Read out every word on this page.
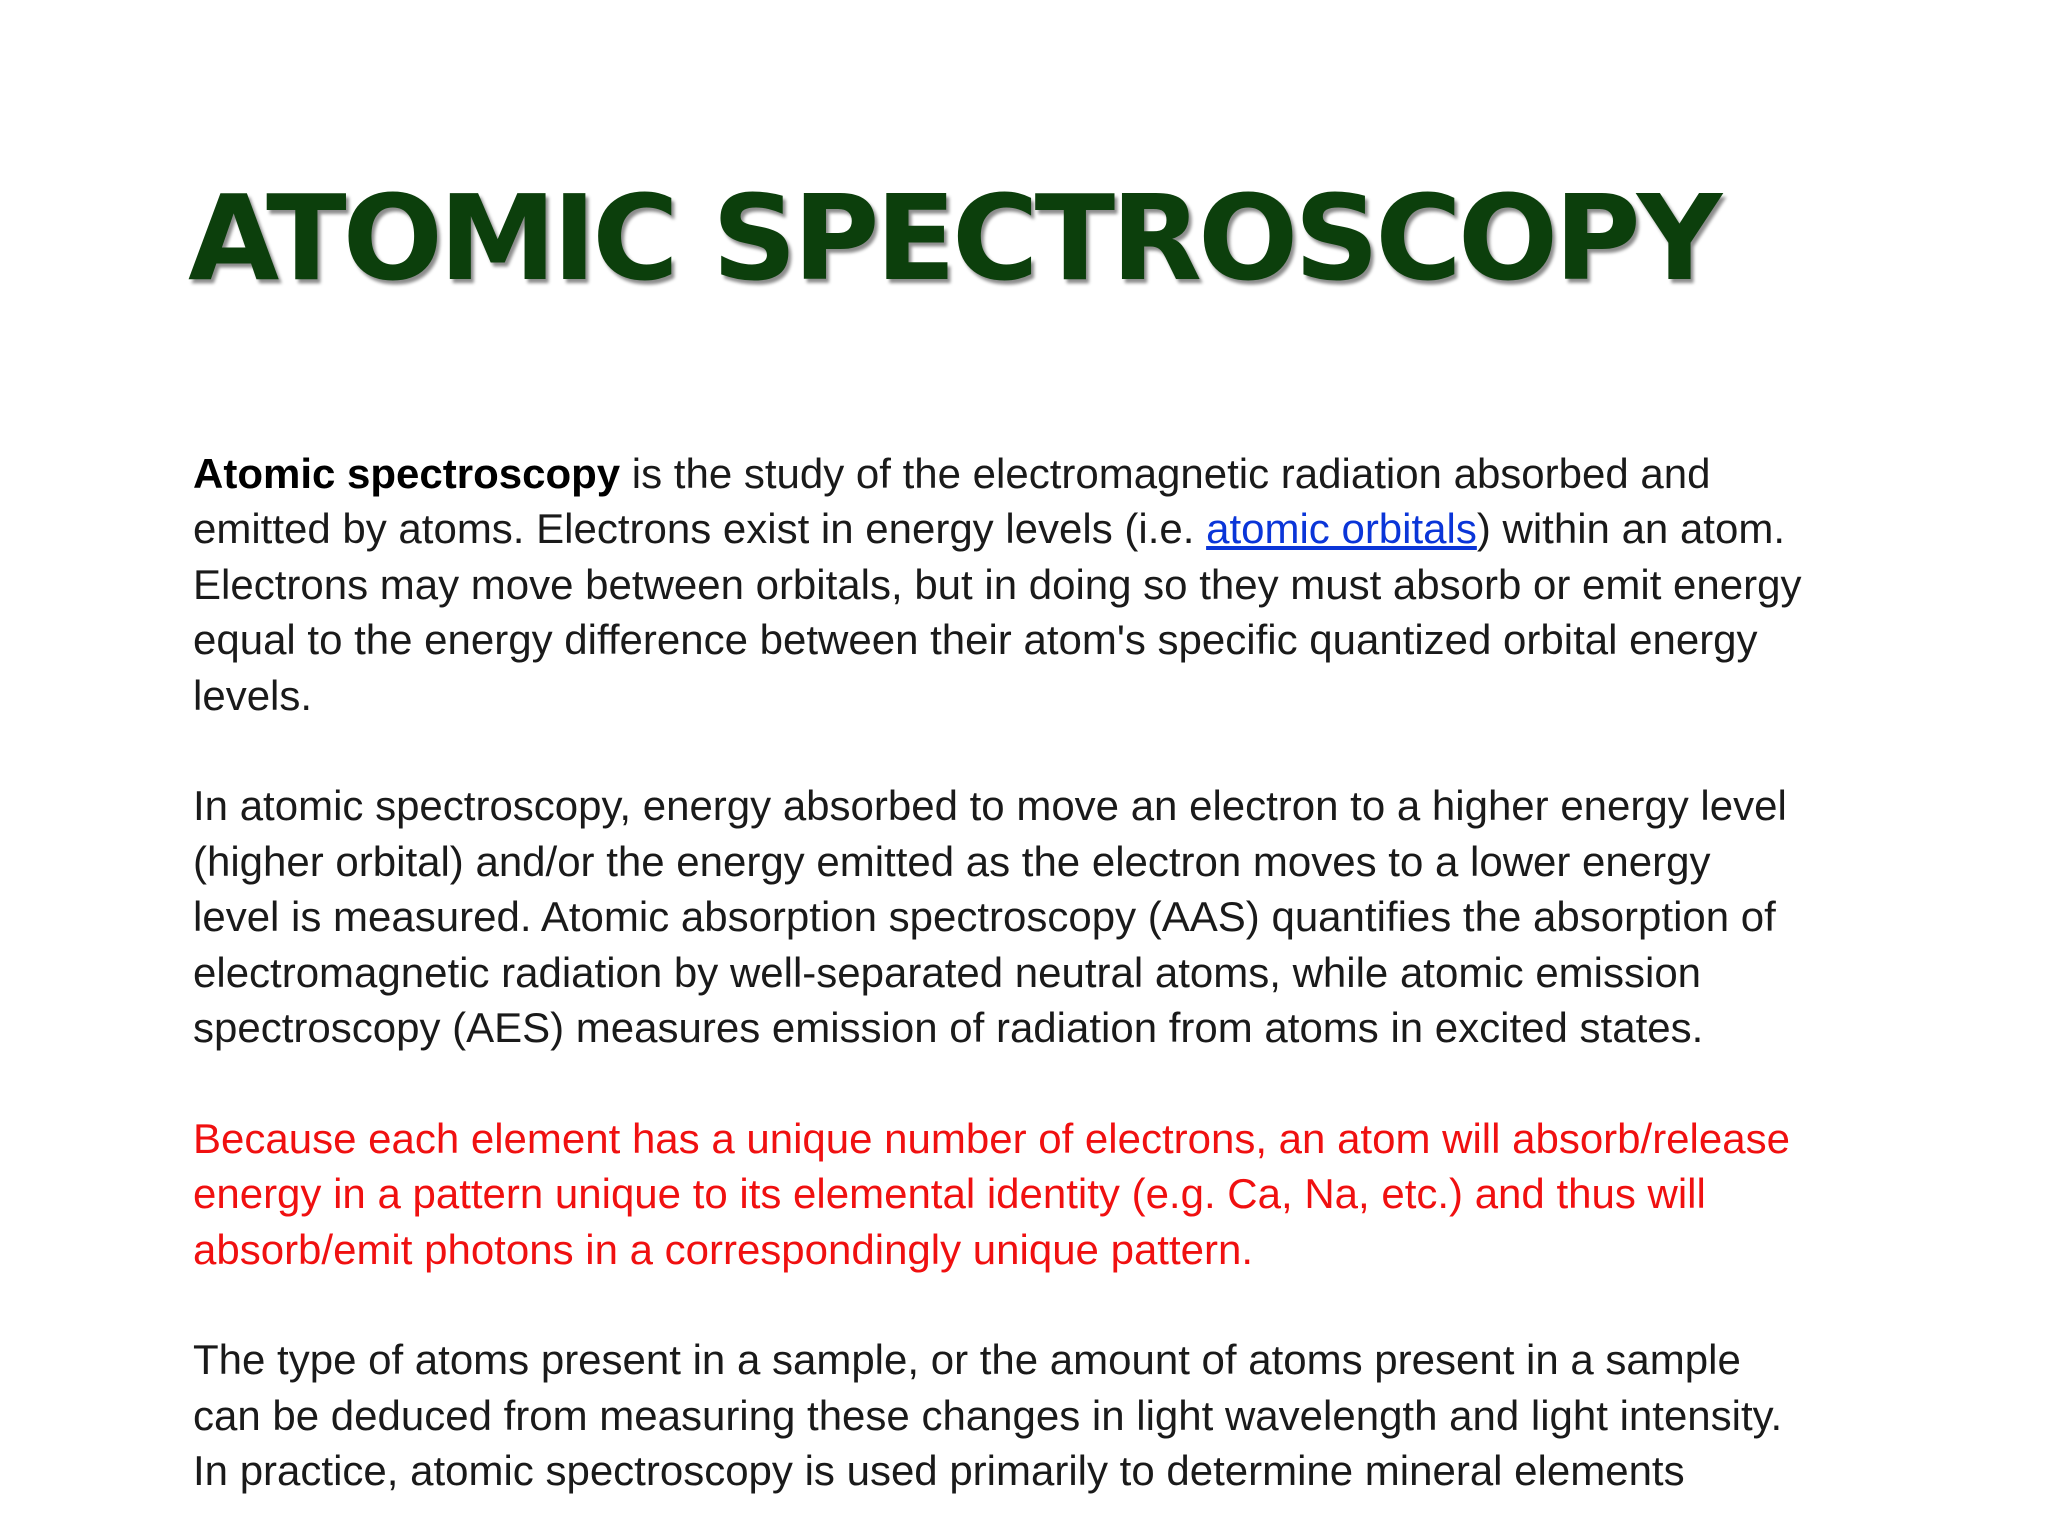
ATOMIC SPECTROSCOPY

Atomic spectroscopy is the study of the electromagnetic radiation absorbed and
emitted by atoms. Electrons exist in energy levels (i.e. atomic orbitals) within an atom.
Electrons may move between orbitals, but in doing so they must absorb or emit energy
equal to the energy difference between their atom's specific quantized orbital energy
levels.

In atomic spectroscopy, energy absorbed to move an electron to a higher energy level
(higher orbital) and/or the energy emitted as the electron moves to a lower energy
level is measured. Atomic absorption spectroscopy (AAS) quantifies the absorption of
electromagnetic radiation by well-separated neutral atoms, while atomic emission
spectroscopy (AES) measures emission of radiation from atoms in excited states.

Because each element has a unique number of electrons, an atom will absorb/release
energy in a pattern unique to its elemental identity (e.g. Ca, Na, etc.) and thus will
absorb/emit photons in a correspondingly unique pattern.

The type of atoms present in a sample, or the amount of atoms present in a sample
can be deduced from measuring these changes in light wavelength and light intensity.
In practice, atomic spectroscopy is used primarily to determine mineral elements
